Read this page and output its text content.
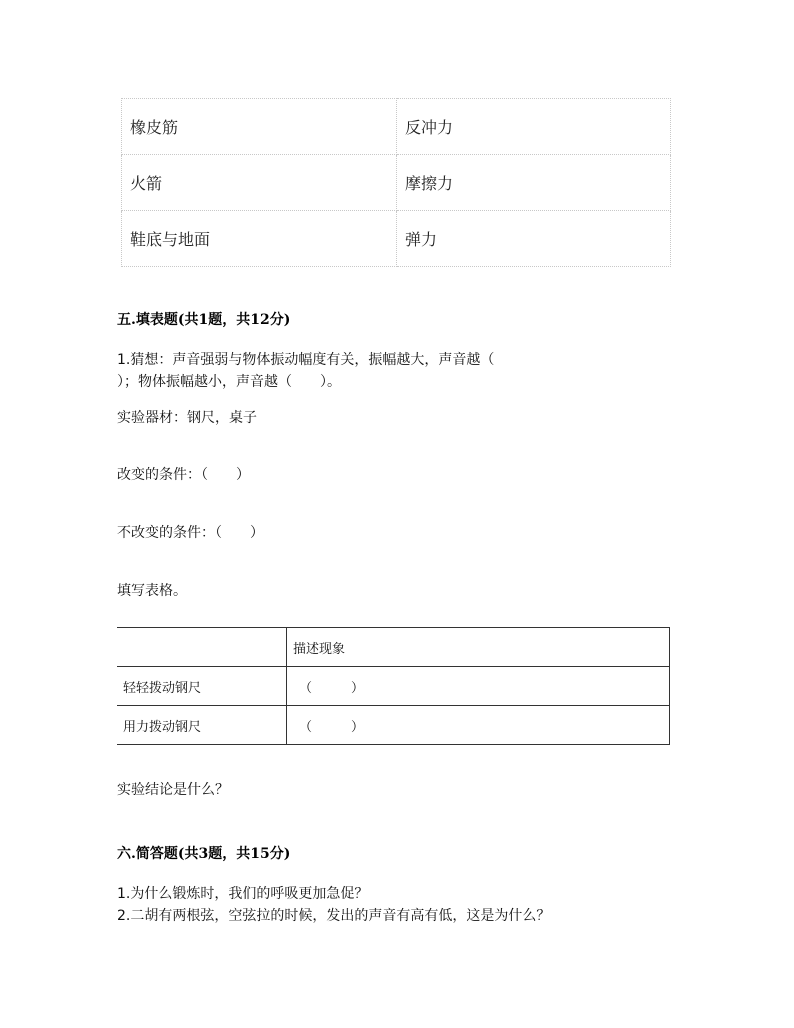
橡皮筋	反冲力
火箭	摩擦力
鞋底与地面	弹力
五.填表题(共1题，共12分)
1.猜想：声音强弱与物体振动幅度有关，振幅越大，声音越（
）；物体振幅越小，声音越（　　）。
实验器材：钢尺，桌子
改变的条件：（　　）
不改变的条件：（　　）
填写表格。
	描述现象
轻轻拨动钢尺	（　　　）
用力拨动钢尺	（　　　）
实验结论是什么？
六.简答题(共3题，共15分)
1.为什么锻炼时，我们的呼吸更加急促？
2.二胡有两根弦，空弦拉的时候，发出的声音有高有低，这是为什么？
